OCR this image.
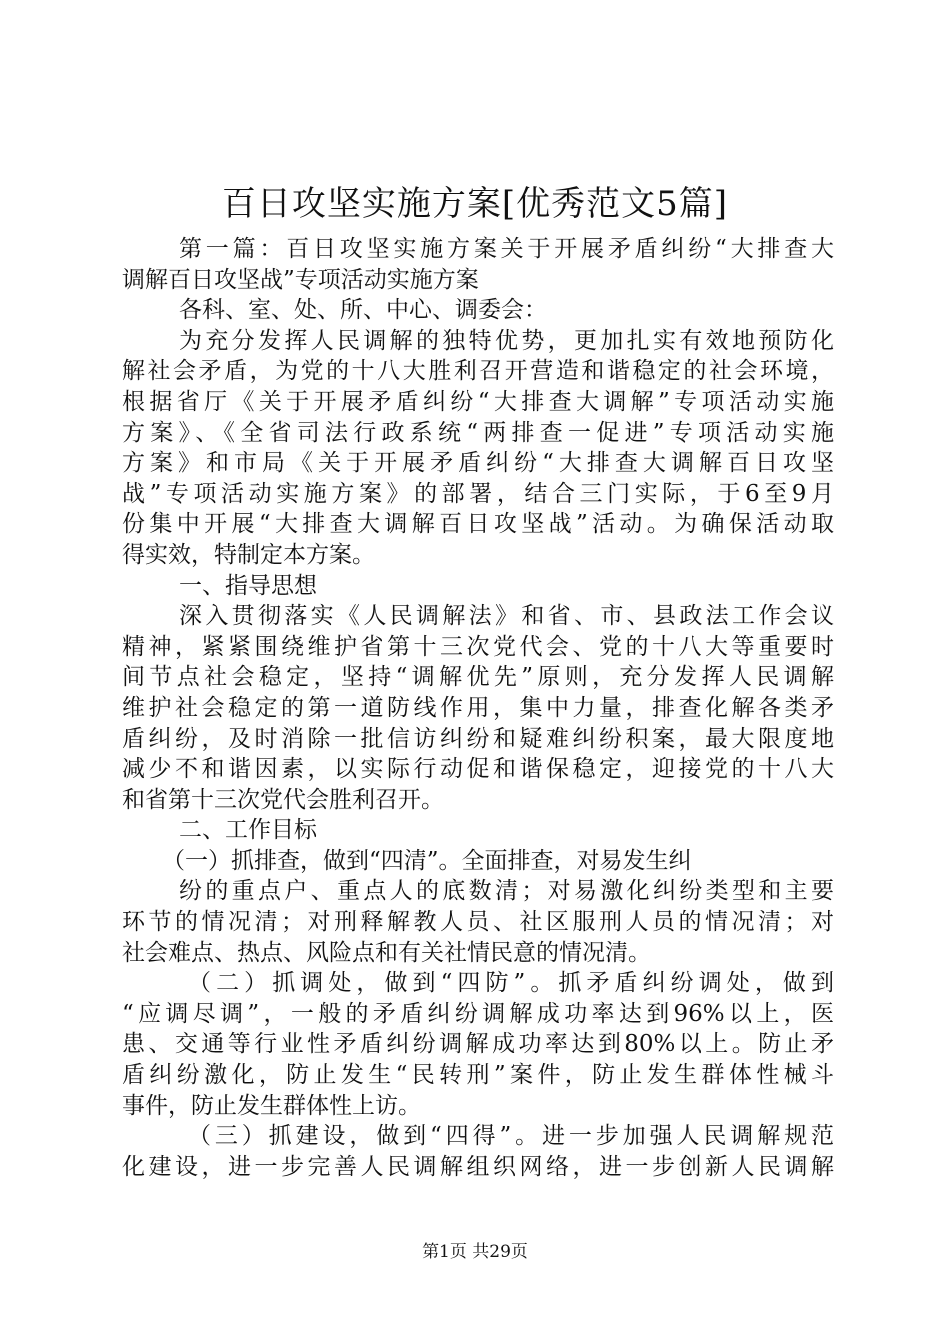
百日攻坚实施方案[优秀范文5篇]
第一篇：百日攻坚实施方案关于开展矛盾纠纷“大排查大
调解百日攻坚战”专项活动实施方案
各科、室、处、所、中心、调委会：
为充分发挥人民调解的独特优势，更加扎实有效地预防化
解社会矛盾，为党的十八大胜利召开营造和谐稳定的社会环境，
根据省厅《关于开展矛盾纠纷“大排查大调解”专项活动实施
方案》、《全省司法行政系统“两排查一促进”专项活动实施
方案》和市局《关于开展矛盾纠纷“大排查大调解百日攻坚
战”专项活动实施方案》的部署，结合三门实际，于6至9月
份集中开展“大排查大调解百日攻坚战”活动。为确保活动取
得实效，特制定本方案。
一、指导思想
深入贯彻落实《人民调解法》和省、市、县政法工作会议
精神，紧紧围绕维护省第十三次党代会、党的十八大等重要时
间节点社会稳定，坚持“调解优先”原则，充分发挥人民调解
维护社会稳定的第一道防线作用，集中力量，排查化解各类矛
盾纠纷，及时消除一批信访纠纷和疑难纠纷积案，最大限度地
减少不和谐因素，以实际行动促和谐保稳定，迎接党的十八大
和省第十三次党代会胜利召开。
二、工作目标
（一）抓排查，做到“四清”。全面排查，对易发生纠
纷的重点户、重点人的底数清；对易激化纠纷类型和主要
环节的情况清；对刑释解教人员、社区服刑人员的情况清；对
社会难点、热点、风险点和有关社情民意的情况清。
（二）抓调处，做到“四防”。抓矛盾纠纷调处，做到
“应调尽调”，一般的矛盾纠纷调解成功率达到96%以上，医
患、交通等行业性矛盾纠纷调解成功率达到80%以上。防止矛
盾纠纷激化，防止发生“民转刑”案件，防止发生群体性械斗
事件，防止发生群体性上访。
（三）抓建设，做到“四得”。进一步加强人民调解规范
化建设，进一步完善人民调解组织网络，进一步创新人民调解
第1页 共29页
